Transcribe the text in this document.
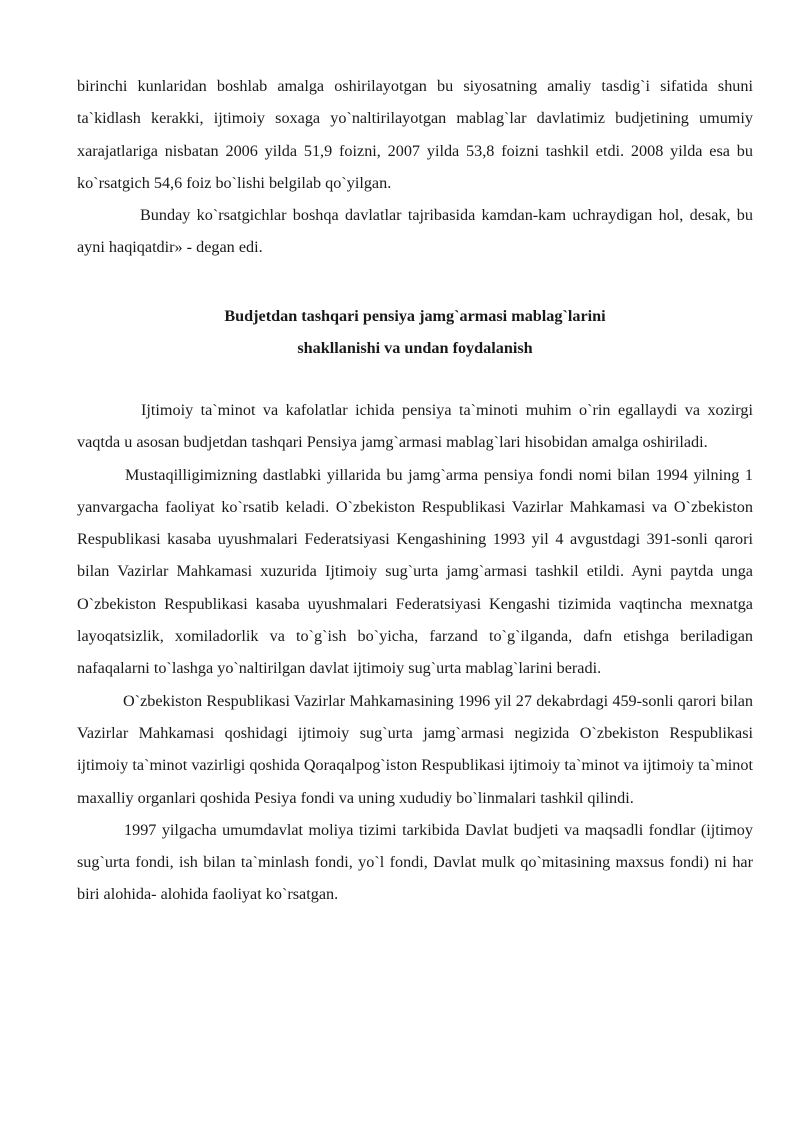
birinchi kunlaridan boshlab amalga oshirilayotgan bu siyosatning amaliy tasdig`i sifatida shuni ta`kidlash kerakki, ijtimoiy soxaga yo`naltirilayotgan mablag`lar davlatimiz budjetining umumiy xarajatlariga nisbatan 2006 yilda 51,9 foizni, 2007 yilda 53,8 foizni tashkil etdi. 2008 yilda esa bu ko`rsatgich 54,6 foiz bo`lishi belgilab qo`yilgan.

Bunday ko`rsatgichlar boshqa davlatlar tajribasida kamdan-kam uchraydigan hol, desak, bu ayni haqiqatdir» - degan edi.

Budjetdan tashqari pensiya jamg`armasi mablag`larini
shakllanishi va undan foydalanish

Ijtimoiy ta`minot va kafolatlar ichida pensiya ta`minoti muhim o`rin egallaydi va xozirgi vaqtda u asosan budjetdan tashqari Pensiya jamg`armasi mablag`lari hisobidan amalga oshiriladi.

Mustaqilligimizning dastlabki yillarida bu jamg`arma pensiya fondi nomi bilan 1994 yilning 1 yanvargacha faoliyat ko`rsatib keladi. O`zbekiston Respublikasi Vazirlar Mahkamasi va O`zbekiston Respublikasi kasaba uyushmalari Federatsiyasi Kengashining 1993 yil 4 avgustdagi 391-sonli qarori bilan Vazirlar Mahkamasi xuzurida Ijtimoiy sug`urta jamg`armasi tashkil etildi. Ayni paytda unga O`zbekiston Respublikasi kasaba uyushmalari Federatsiyasi Kengashi tizimida vaqtincha mexnatga layoqatsizlik, xomiladorlik va to`g`ish bo`yicha, farzand to`g`ilganda, dafn etishga beriladigan nafaqalarni to`lashga yo`naltirilgan davlat ijtimoiy sug`urta mablag`larini beradi.

O`zbekiston Respublikasi Vazirlar Mahkamasining 1996 yil 27 dekabrdagi 459-sonli qarori bilan Vazirlar Mahkamasi qoshidagi ijtimoiy sug`urta jamg`armasi negizida O`zbekiston Respublikasi ijtimoiy ta`minot vazirligi qoshida Qoraqalpog`iston Respublikasi ijtimoiy ta`minot va ijtimoiy ta`minot maxalliy organlari qoshida Pesiya fondi va uning xududiy bo`linmalari tashkil qilindi.

1997 yilgacha umumdavlat moliya tizimi tarkibida Davlat budjeti va maqsadli fondlar (ijtimoy sug`urta fondi, ish bilan ta`minlash fondi, yo`l fondi, Davlat mulk qo`mitasining maxsus fondi) ni har biri alohida- alohida faoliyat ko`rsatgan.
